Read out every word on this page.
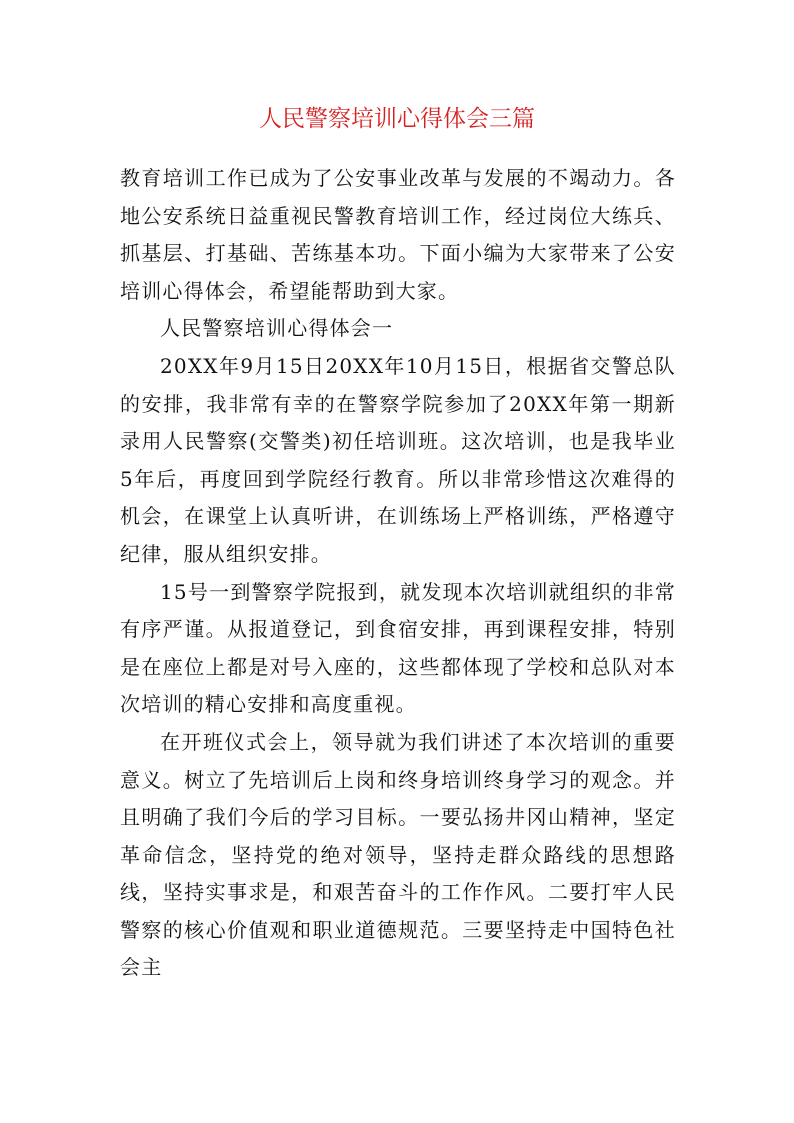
人民警察培训心得体会三篇

教育培训工作已成为了公安事业改革与发展的不竭动力。各地公安系统日益重视民警教育培训工作，经过岗位大练兵、抓基层、打基础、苦练基本功。下面小编为大家带来了公安培训心得体会，希望能帮助到大家。

人民警察培训心得体会一

20XX年9月15日20XX年10月15日，根据省交警总队的安排，我非常有幸的在警察学院参加了20XX年第一期新录用人民警察(交警类)初任培训班。这次培训，也是我毕业5年后，再度回到学院经行教育。所以非常珍惜这次难得的机会，在课堂上认真听讲，在训练场上严格训练，严格遵守纪律，服从组织安排。

15号一到警察学院报到，就发现本次培训就组织的非常有序严谨。从报道登记，到食宿安排，再到课程安排，特别是在座位上都是对号入座的，这些都体现了学校和总队对本次培训的精心安排和高度重视。

在开班仪式会上，领导就为我们讲述了本次培训的重要意义。树立了先培训后上岗和终身培训终身学习的观念。并且明确了我们今后的学习目标。一要弘扬井冈山精神，坚定革命信念，坚持党的绝对领导，坚持走群众路线的思想路线，坚持实事求是，和艰苦奋斗的工作作风。二要打牢人民警察的核心价值观和职业道德规范。三要坚持走中国特色社会主
